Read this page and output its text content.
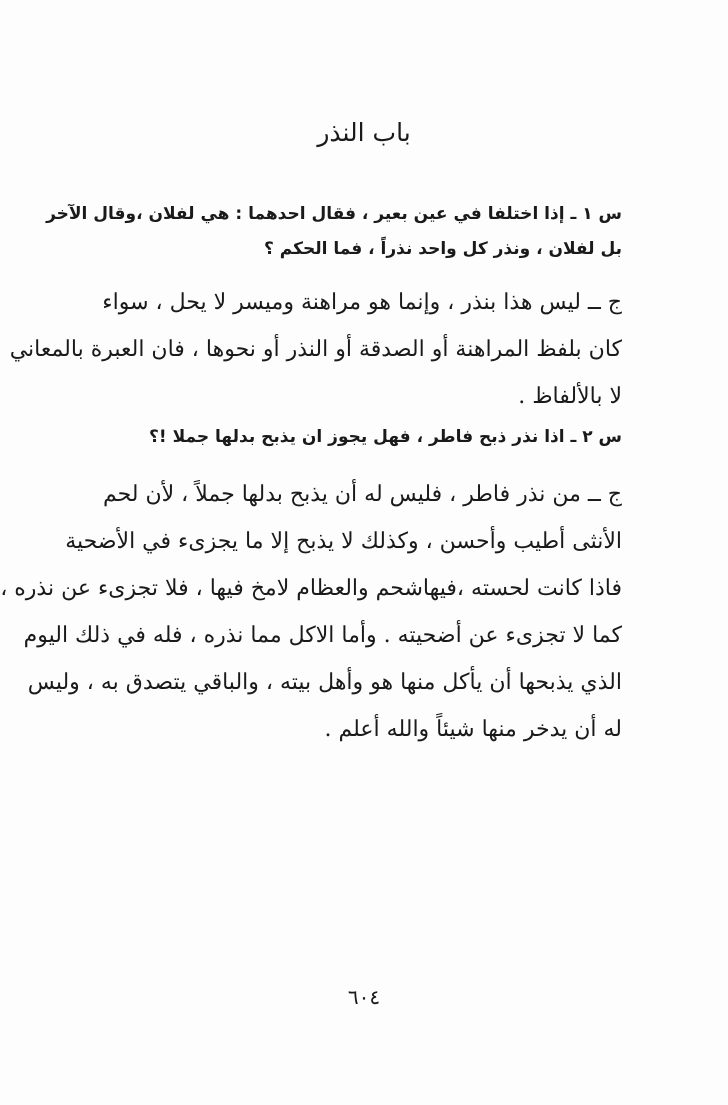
باب النذر
س ١ ـ إذا اختلفا في عين بعير ، فقال احدهما : هي لفلان ،وقال الآخر
بل لفلان ، ونذر كل واحد نذراً ، فما الحكم ؟
ج ــ ليس هذا بنذر ، وإنما هو مراهنة وميسر لا يحل ، سواء
كان بلفظ المراهنة أو الصدقة أو النذر أو نحوها ، فان العبرة بالمعاني
لا بالألفاظ .
س ٢ ـ اذا نذر ذبح فاطر ، فهل يجوز ان يذبح بدلها جملا !؟
ج ــ من نذر فاطر ، فليس له أن يذبح بدلها جملاً ، لأن لحم
الأنثى أطيب وأحسن ، وكذلك لا يذبح إلا ما يجزىء في الأضحية
فاذا كانت لحسته ،فيهاشحم والعظام لامخ فيها ، فلا تجزىء عن نذره ،
كما لا تجزىء عن أضحيته . وأما الاكل مما نذره ، فله في ذلك اليوم
الذي يذبحها أن يأكل منها هو وأهل بيته ، والباقي يتصدق به ، وليس
له أن يدخر منها شيئاً والله أعلم .
٦٠٤
